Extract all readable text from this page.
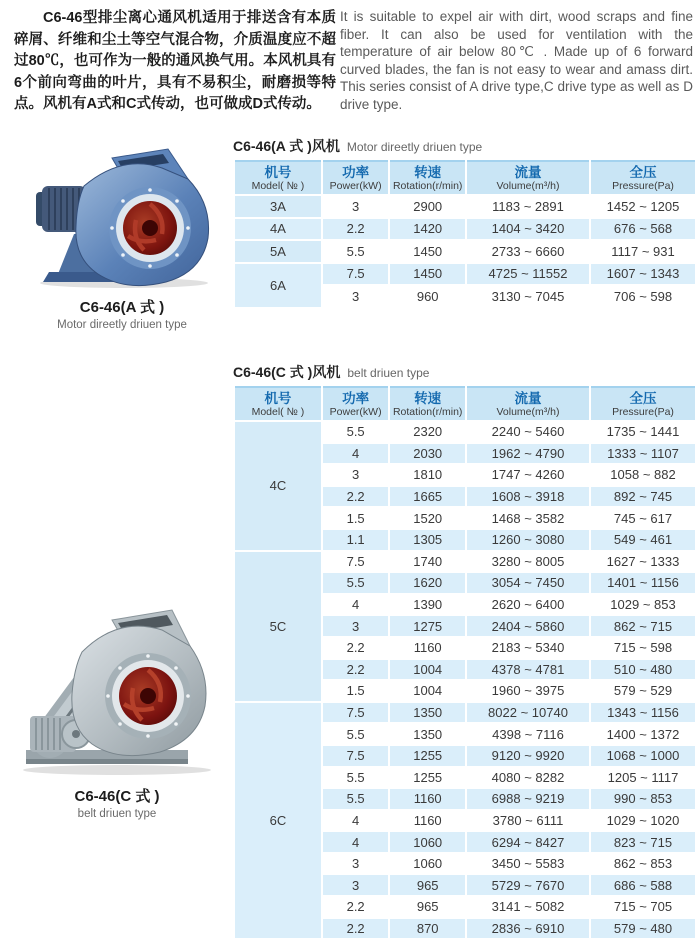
C6-46型排尘离心通风机适用于排送含有本质碎屑、纤维和尘土等空气混合物，介质温度应不超过80℃，也可作为一般的通风换气用。本风机具有6个前向弯曲的叶片，具有不易积尘，耐磨损等特点。风机有A式和C式传动，也可做成D式传动。

It is suitable to expel air with dirt, wood scraps and fine fiber. It can also be used for ventilation with the temperature of air below 80℃ . Made up of 6 forward curved blades, the fan is not easy to wear and amass dirt. This series consist of A drive type,C drive type as well as D drive type.

C6-46(A 式 )
Motor direetly driuen type
C6-46(C 式 )
belt driuen type
C6-46(A 式 )风机 Motor direetly driuen type
机号
Model( № )

功率
Power(kW)

转速
Rotation(r/min)

流量
Volume(m³/h)

全压
Pressure(Pa)

3A	3	2900	1183 ~ 2891	1452 ~ 1205
4A	2.2	1420	1404 ~ 3420	676 ~ 568
5A	5.5	1450	2733 ~ 6660	1117 ~ 931
6A	7.5	1450	4725 ~ 11552	1607 ~ 1343
	3	960	3130 ~ 7045	706 ~ 598
C6-46(C 式 )风机 belt driuen type
机号
Model( № )

功率
Power(kW)

转速
Rotation(r/min)

流量
Volume(m³/h)

全压
Pressure(Pa)

4C	5.5	2320	2240 ~ 5460	1735 ~ 1441
	4	2030	1962 ~ 4790	1333 ~ 1107
	3	1810	1747 ~ 4260	1058 ~ 882
	2.2	1665	1608 ~ 3918	892 ~ 745
	1.5	1520	1468 ~ 3582	745 ~ 617
	1.1	1305	1260 ~ 3080	549 ~ 461
5C	7.5	1740	3280 ~ 8005	1627 ~ 1333
	5.5	1620	3054 ~ 7450	1401 ~ 1156
	4	1390	2620 ~ 6400	1029 ~ 853
	3	1275	2404 ~ 5860	862 ~ 715
	2.2	1160	2183 ~ 5340	715 ~ 598
	2.2	1004	4378 ~ 4781	510 ~ 480
	1.5	1004	1960 ~ 3975	579 ~ 529
6C	7.5	1350	8022 ~ 10740	1343 ~ 1156
	5.5	1350	4398 ~ 7116	1400 ~ 1372
	7.5	1255	9120 ~ 9920	1068 ~ 1000
	5.5	1255	4080 ~ 8282	1205 ~ 1117
	5.5	1160	6988 ~ 9219	990 ~ 853
	4	1160	3780 ~ 6111	1029 ~ 1020
	4	1060	6294 ~ 8427	823 ~ 715
	3	1060	3450 ~ 5583	862 ~ 853
	3	965	5729 ~ 7670	686 ~ 588
	2.2	965	3141 ~ 5082	715 ~ 705
	2.2	870	2836 ~ 6910	579 ~ 480
